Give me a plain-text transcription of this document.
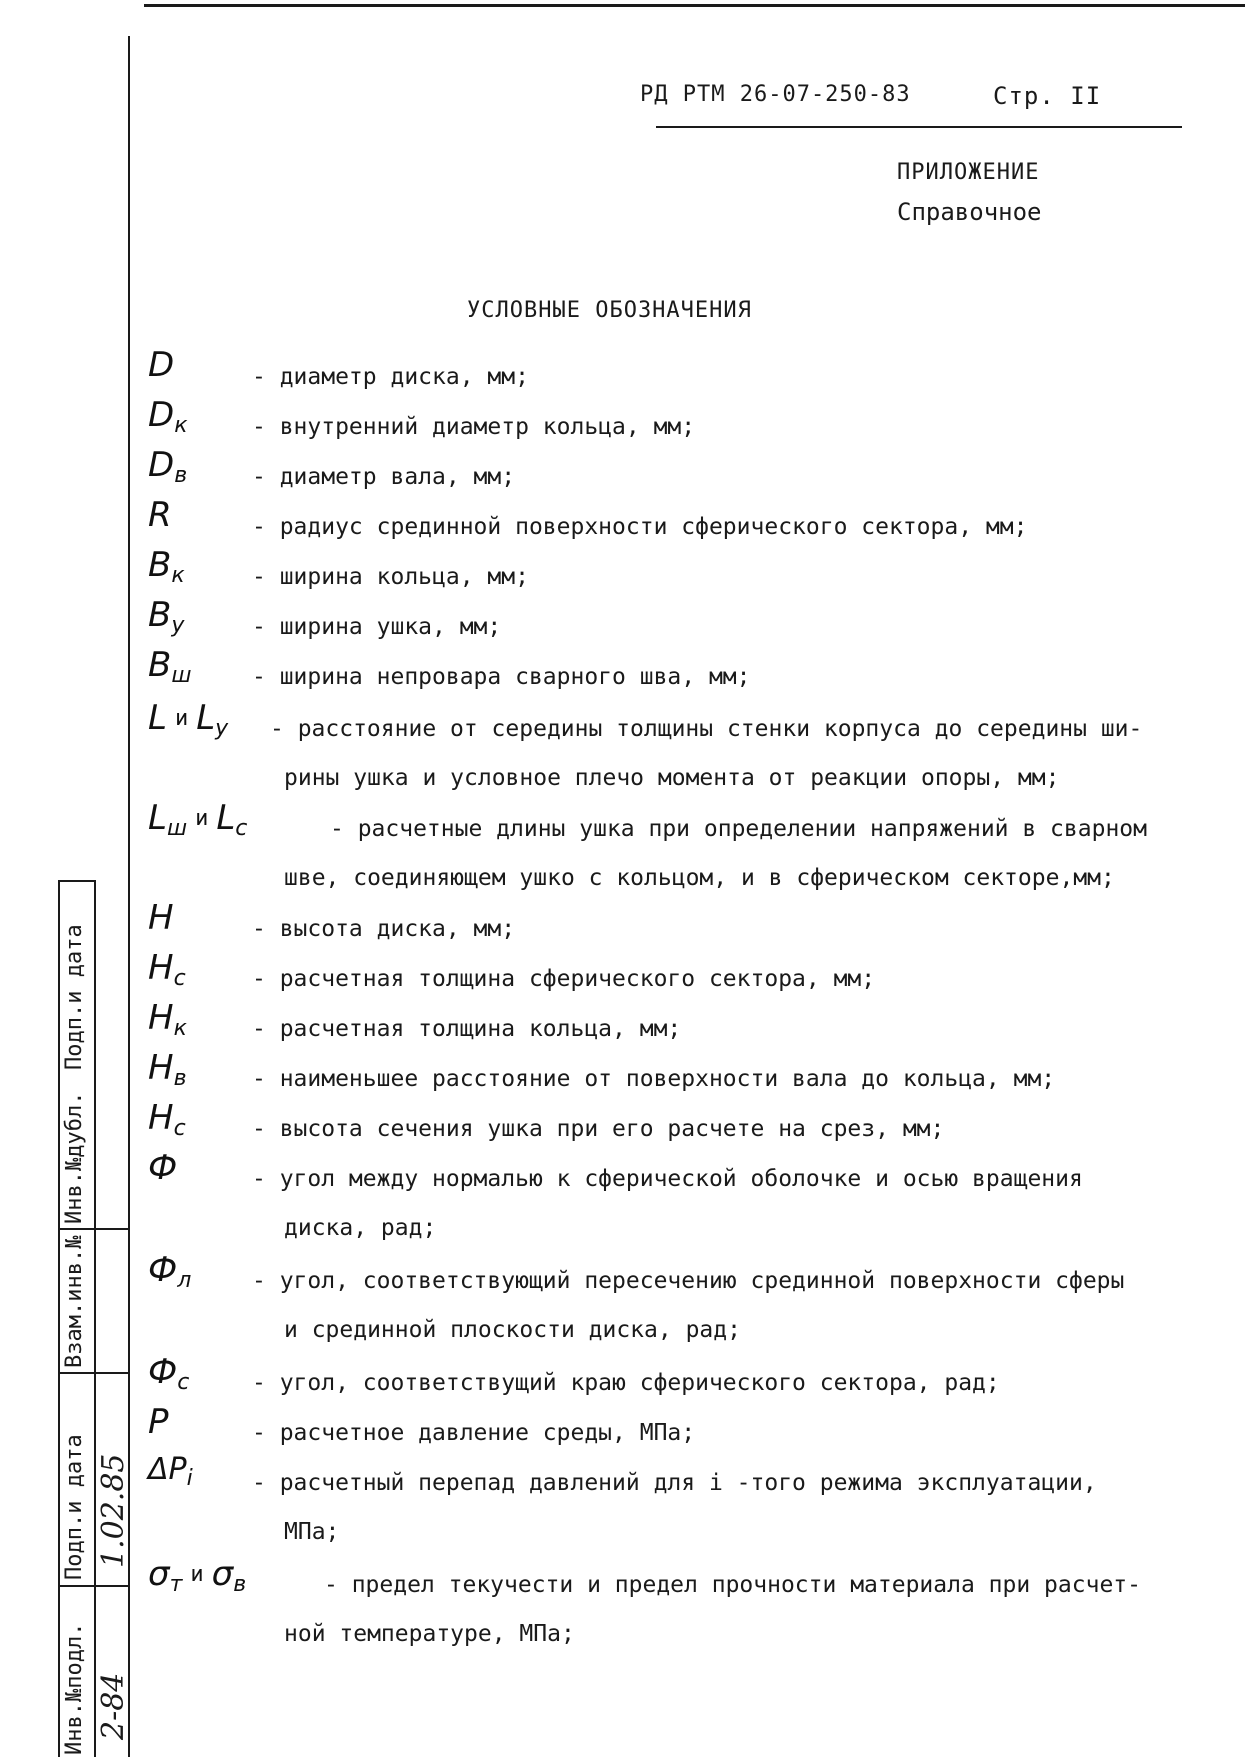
РД РТМ 26-07-250-83	Стр. II
ПРИЛОЖЕНИЕ
Справочное
УСЛОВНЫЕ ОБОЗНАЧЕНИЯ
D	- диаметр диска, мм;
$D_к$	- внутренний диаметр кольца, мм;
$D_в$	- диаметр вала, мм;
R	- радиус срединной поверхности сферического сектора, мм;
$B_к$	- ширина кольца, мм;
$B_у$	- ширина ушка, мм;
$B_ш$	- ширина непровара сварного шва, мм;
Lи $L_у$ - расстояние от середины толщины стенки корпуса до середины ши-
рины ушка и условное плечо момента от реакции опоры, мм;
$L_ш$ и $L_с$	- расчетные длины ушка при определении напряжений в сварном
шве, соединяющем ушко с кольцом, и в сферическом секторе,мм;
H	- высота диска, мм;
$H_с$	- расчетная толщина сферического сектора, мм;
$H_к$	- расчетная толщина кольца, мм;
$H_в$	- наименьшее расстояние от поверхности вала до кольца, мм;
$H_с$	- высота сечения ушка при его расчете на срез, мм;
Ф	- угол между нормалью к сферической оболочке и осью вращения
диска, рад;
$Ф_л$	- угол, соответствующий пересечению срединной поверхности сферы
и срединной плоскости диска, рад;
$Ф_с$	- угол, соответствущий краю сферического сектора, рад;
P	- расчетное давление среды, МПа;
$\Delta P_i$	- расчетный перепад давлений для i -того режима эксплуатации,
МПа;
$\sigma_т$ и $\sigma_в$	- предел текучести и предел прочности материала при расчет-
ной температуре, МПа;
Инв.№подл.
Подп.и дата
Взам.инв.№
Инв.№дубл.
Подп.и дата
2-84
1.02.85
